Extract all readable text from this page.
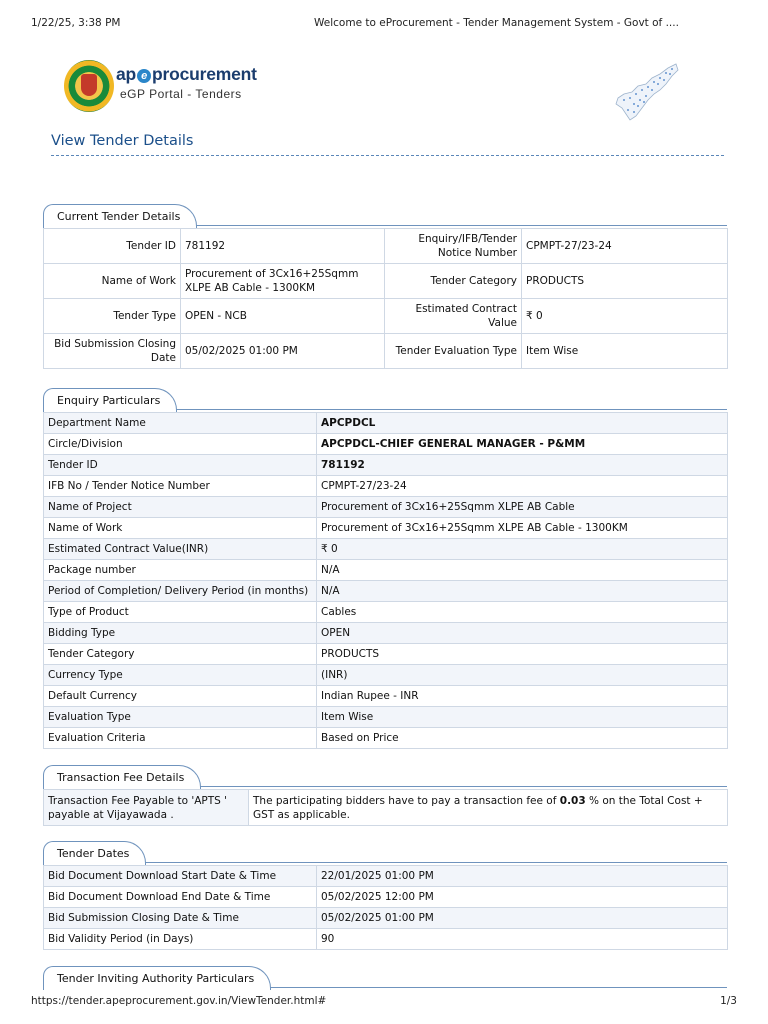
1/22/25, 3:38 PM	Welcome to eProcurement - Tender Management System - Govt of ....
ap e procurement
eGP Portal - Tenders
View Tender Details
Current Tender Details
Tender ID	781192	Enquiry/IFB/Tender Notice Number	CPMPT-27/23-24
Name of Work	Procurement of 3Cx16+25Sqmm XLPE AB Cable - 1300KM	Tender Category	PRODUCTS
Tender Type	OPEN - NCB	Estimated Contract Value	₹ 0
Bid Submission Closing Date	05/02/2025 01:00 PM	Tender Evaluation Type	Item Wise
Enquiry Particulars
Department Name	APCPDCL
Circle/Division	APCPDCL-CHIEF GENERAL MANAGER - P&MM
Tender ID	781192
IFB No / Tender Notice Number	CPMPT-27/23-24
Name of Project	Procurement of 3Cx16+25Sqmm XLPE AB Cable
Name of Work	Procurement of 3Cx16+25Sqmm XLPE AB Cable - 1300KM
Estimated Contract Value(INR)	₹ 0
Package number	N/A
Period of Completion/ Delivery Period (in months)	N/A
Type of Product	Cables
Bidding Type	OPEN
Tender Category	PRODUCTS
Currency Type	(INR)
Default Currency	Indian Rupee - INR
Evaluation Type	Item Wise
Evaluation Criteria	Based on Price
Transaction Fee Details
Transaction Fee Payable to 'APTS ' payable at Vijayawada .	The participating bidders have to pay a transaction fee of 0.03 % on the Total Cost + GST as applicable.
Tender Dates
Bid Document Download Start Date & Time	22/01/2025 01:00 PM
Bid Document Download End Date & Time	05/02/2025 12:00 PM
Bid Submission Closing Date & Time	05/02/2025 01:00 PM
Bid Validity Period (in Days)	90
Tender Inviting Authority Particulars
https://tender.apeprocurement.gov.in/ViewTender.html#	1/3
